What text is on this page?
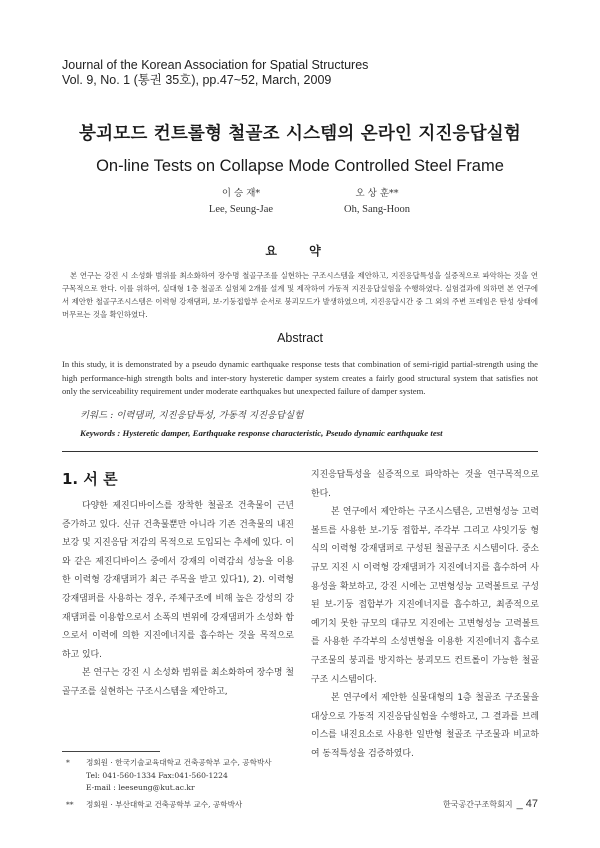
Journal of the Korean Association for Spatial Structures
Vol. 9, No. 1 (통권 35호), pp.47~52, March, 2009
붕괴모드 컨트롤형 철골조 시스템의 온라인 지진응답실험
On-line Tests on Collapse Mode Controlled Steel Frame
이 승 재*
Lee, Seung-Jae
오 상 훈**
Oh, Sang-Hoon
요 약
본 연구는 강진 시 소성화 범위를 최소화하여 장수명 철골구조를 실현하는 구조시스템을 제안하고, 지진응답특성을 실증적으로 파악하는 것을 연구목적으로 한다. 이를 위하여, 실대형 1층 철골조 실험체 2개를 설계 및 제작하여 가동적 지진응답실험을 수행하였다. 실험결과에 의하면 본 연구에서 제안한 철골구조시스템은 이력형 강재댐퍼, 보-기둥접합부 순서로 붕괴모드가 발생하였으며, 지진응답시간 중 그 외의 주변 프레임은 탄성 상태에 머무르는 것을 확인하였다.
Abstract
In this study, it is demonstrated by a pseudo dynamic earthquake response tests that combination of semi-rigid partial-strength using the high performance-high strength bolts and inter-story hysteretic damper system creates a fairly good structural system that satisfies not only the serviceability requirement under moderate earthquakes but unexpected failure of damper system.
키워드 : 이력댐퍼, 지진응답특성, 가동적 지진응답실험
Keywords : Hysteretic damper, Earthquake response characteristic, Pseudo dynamic earthquake test
1. 서 론

다양한 제진디바이스를 장착한 철골조 건축물이 근년 증가하고 있다. 신규 건축물뿐만 아니라 기존 건축물의 내진보강 및 지진응답 저감의 목적으로 도입되는 추세에 있다. 이와 같은 제진디바이스 중에서 강재의 이력감쇠 성능을 이용한 이력형 강재댐퍼가 최근 주목을 받고 있다1), 2). 이력형 강재댐퍼를 사용하는 경우, 주체구조에 비해 높은 강성의 강재댐퍼를 이용함으로서 소폭의 변위에 강재댐퍼가 소성화 함으로서 이력에 의한 지진에너지를 흡수하는 것을 목적으로 하고 있다.

본 연구는 강진 시 소성화 범위를 최소화하여 장수명 철골구조를 실현하는 구조시스템을 제안하고,

지진응답특성을 실증적으로 파악하는 것을 연구목적으로 한다.

본 연구에서 제안하는 구조시스템은, 고변형성능 고력볼트를 사용한 보-기둥 접합부, 주각부 그리고 샤잇기둥 형식의 이력형 강재댐퍼로 구성된 철골구조 시스템이다. 중소규모 지진 시 이력형 강재댐퍼가 지진에너지를 흡수하여 사용성을 확보하고, 강진 시에는 고변형성능 고력볼트로 구성된 보-기둥 접합부가 지진에너지를 흡수하고, 최종적으로 예기치 못한 규모의 대규모 지진에는 고변형성능 고력볼트를 사용한 주각부의 소성변형을 이용한 지진에너지 흡수로 구조물의 붕괴를 방지하는 붕괴모드 컨트롤이 가능한 철골구조 시스템이다.

본 연구에서 제안한 실물대형의 1층 철골조 구조물을 대상으로 가동적 지진응답실험을 수행하고, 그 결과를 브레이스를 내진요소로 사용한 일반형 철골조 구조물과 비교하여 동적특성을 검증하였다.

*	정회원 · 한국기술교육대학교 건축공학부 교수, 공학박사
Tel: 041-560-1334 Fax:041-560-1224
E-mail : leeseung@kut.ac.kr
**	정회원 · 부산대학교 건축공학부 교수, 공학박사	한국공간구조학회지 _ 47
